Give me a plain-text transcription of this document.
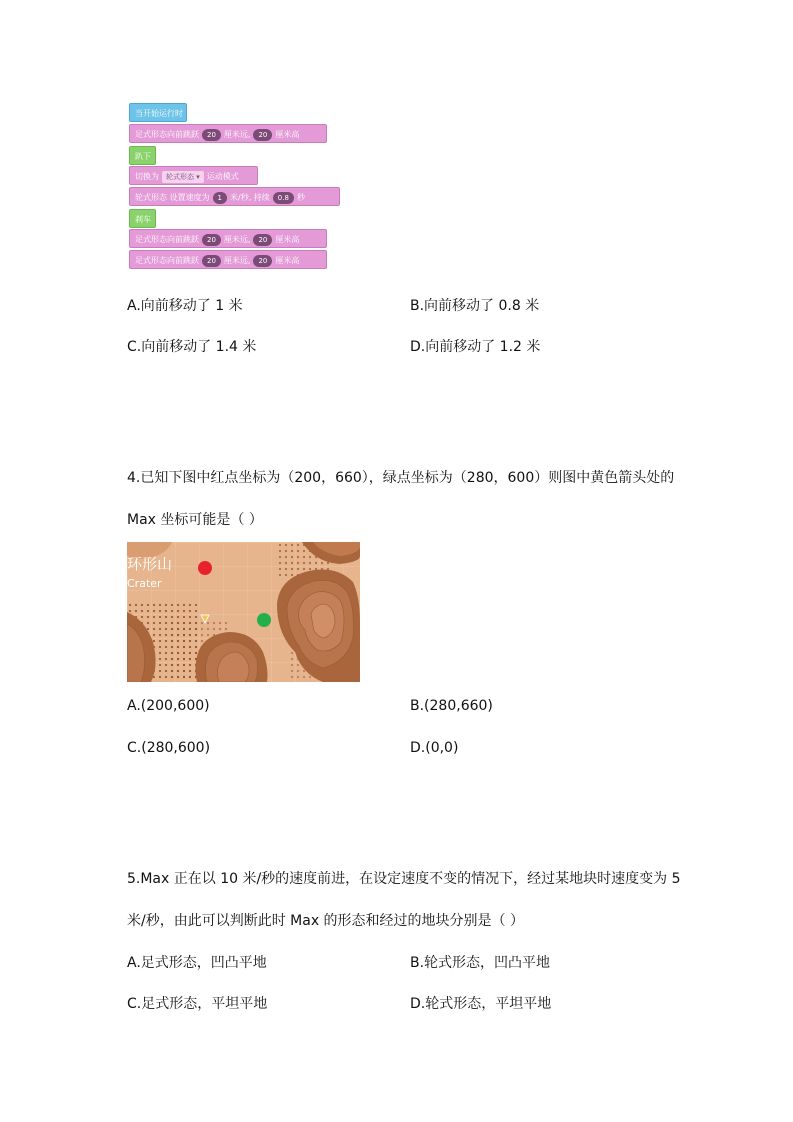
当开始运行时
足式形态向前跳跃 20 厘米远, 20 厘米高
趴下
切换为 轮式形态 ▾ 运动模式
轮式形态 设置速度为 1 米/秒, 持续 0.8 秒
刹车
足式形态向前跳跃 20 厘米远, 20 厘米高
足式形态向前跳跃 20 厘米远, 20 厘米高
A.向前移动了 1 米	B.向前移动了 0.8 米
C.向前移动了 1.4 米	D.向前移动了 1.2 米
4.已知下图中红点坐标为（200，660），绿点坐标为（280，600）则图中黄色箭头处的
Max 坐标可能是（ ）
环形山
Crater
A.(200,600)	B.(280,660)
C.(280,600)	D.(0,0)
5.Max 正在以 10 米/秒的速度前进，在设定速度不变的情况下，经过某地块时速度变为 5
米/秒，由此可以判断此时 Max 的形态和经过的地块分别是（ ）
A.足式形态，凹凸平地	B.轮式形态，凹凸平地
C.足式形态，平坦平地	D.轮式形态，平坦平地
